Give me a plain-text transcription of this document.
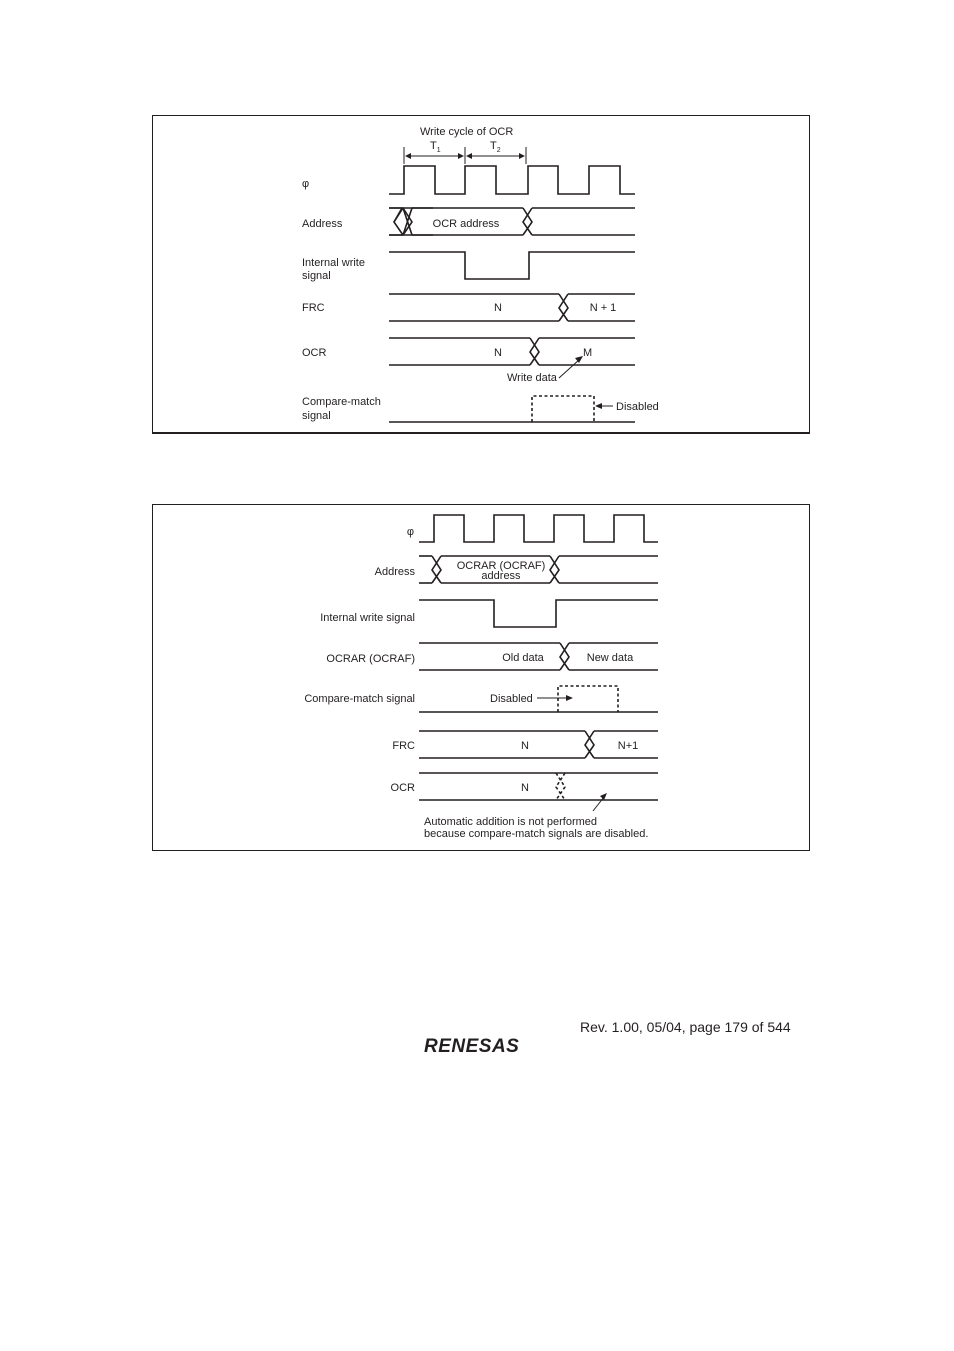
Write cycle of OCR
$T_1$	$T_2$
φ
Address	OCR address
Internal write
signal
FRC	N	N + 1
OCR	N	M
Write data
Compare-match
signal
Disabled
φ
Address	OCRAR (OCRAF)
address
Internal write signal
OCRAR (OCRAF)	Old data	New data
Compare-match signal	Disabled
FRC	N	N+1
OCR	N
Automatic addition is not performed
because compare-match signals are disabled.
Rev. 1.00, 05/04, page 179 of 544
RENESAS
